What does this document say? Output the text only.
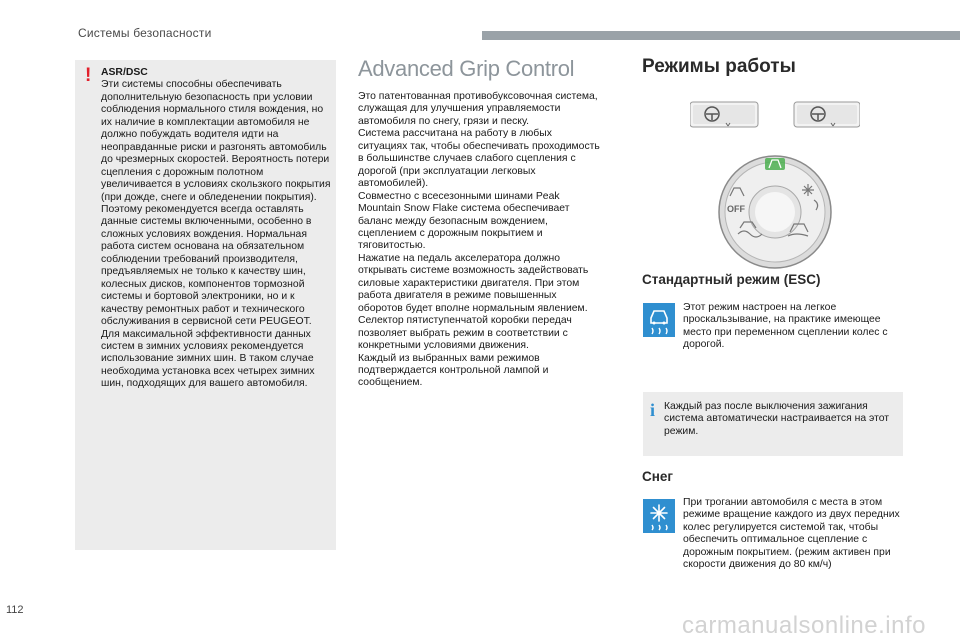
Системы безопасности
! ASR/DSC
Эти системы способны обеспечивать дополнительную безопасность при условии соблюдения нормального стиля вождения, но их наличие в комплектации автомобиля не должно побуждать водителя идти на неоправданные риски и разгонять автомобиль до чрезмерных скоростей. Вероятность потери сцепления с дорожным полотном увеличивается в условиях скользкого покрытия (при дожде, снеге и обледенении покрытия). Поэтому рекомендуется всегда оставлять данные системы включенными, особенно в сложных условиях вождения. Нормальная работа систем основана на обязательном соблюдении требований производителя, предъявляемых не только к качеству шин, колесных дисков, компонентов тормозной системы и бортовой электроники, но и к качеству ремонтных работ и технического обслуживания в сервисной сети PEUGEOT. Для максимальной эффективности данных систем в зимних условиях рекомендуется использование зимних шин. В таком случае необходима установка всех четырех зимних шин, подходящих для вашего автомобиля.
Advanced Grip Control

Это патентованная противобуксовочная система, служащая для улучшения управляемости автомобиля по снегу, грязи и песку.

Система рассчитана на работу в любых ситуациях так, чтобы обеспечивать проходимость в большинстве случаев слабого сцепления с дорогой (при эксплуатации легковых автомобилей).

Совместно с всесезонными шинами Peak Mountain Snow Flake система обеспечивает баланс между безопасным вождением, сцеплением с дорожным покрытием и тяговитостью.

Нажатие на педаль акселератора должно открывать системе возможность задействовать силовые характеристики двигателя. При этом работа двигателя в режиме повышенных оборотов будет вполне нормальным явлением.

Селектор пятиступенчатой коробки передач позволяет выбрать режим в соответствии с конкретными условиями движения.

Каждый из выбранных вами режимов подтверждается контрольной лампой и сообщением.

Режимы работы
OFF
Стандартный режим (ESC)
Этот режим настроен на легкое проскальзывание, на практике имеющее место при переменном сцеплении колес с дорогой.
i Каждый раз после выключения зажигания система автоматически настраивается на этот режим.
Снег
При трогании автомобиля с места в этом режиме вращение каждого из двух передних колес регулируется системой так, чтобы обеспечить оптимальное сцепление с дорожным покрытием. (режим активен при скорости движения до 80 км/ч)
112
carmanualsonline.info
